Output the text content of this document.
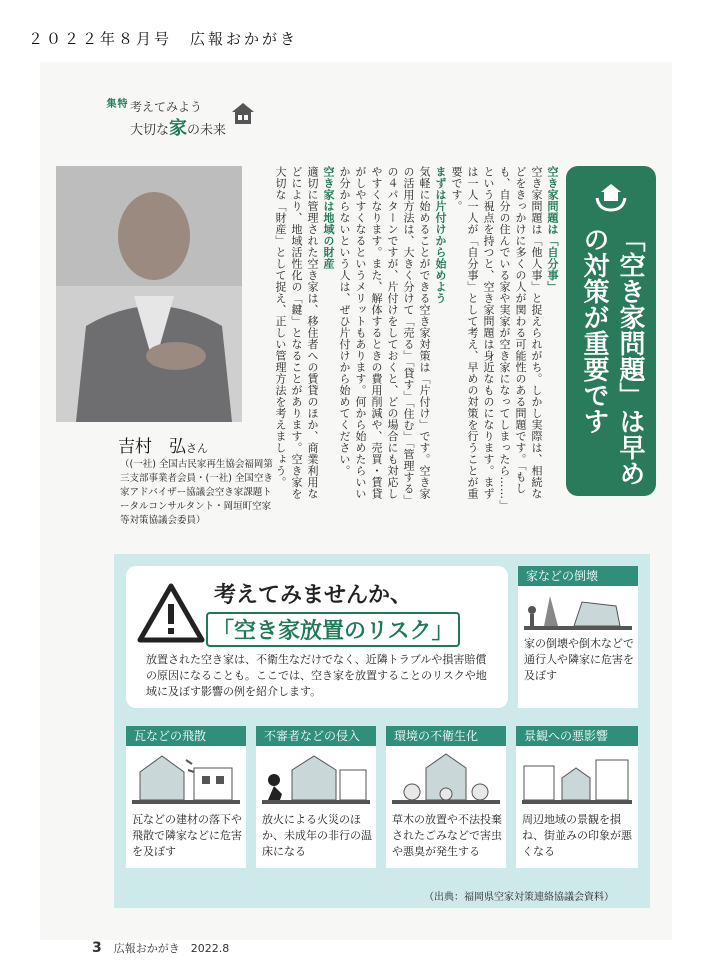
２０２２年８月号　広報おかがき
特集	考えてみよう
大切な家の未来
吉村　弘さん
（(一社) 全国古民家再生協会福岡第三支部事業者会員・(一社) 全国空き家アドバイザー協議会空き家課題トータルコンサルタント・岡垣町空家等対策協議会委員）
空き家問題は「自分事」
空き家問題は「他人事」と捉えられがち。しかし実際は、相続などをきっかけに多くの人が関わる可能性のある問題です。「もしも、自分の住んでいる家や実家が空き家になってしまったら……」という視点を持つと、空き家問題は身近なものになります。まずは一人一人が「自分事」として考え、早めの対策を行うことが重要です。
まずは片付けから始めよう
気軽に始めることができる空き家対策は「片付け」です。空き家の活用方法は、大きく分けて「売る」「貸す」「住む」「管理する」の４パターンですが、片付けをしておくと、どの場合にも対応しやすくなります。また、解体するときの費用削減や、売買・賃貸がしやすくなるというメリットもあります。何から始めたらいいか分からないという人は、ぜひ片付けから始めてください。
空き家は地域の財産
適切に管理された空き家は、移住者への賃貸のほか、商業利用などにより、地域活性化の「鍵」となることがあります。空き家を大切な「財産」として捉え、正しい管理方法を考えましょう。	「空き家問題」は早めの対策が重要です
考えてみませんか、
「空き家放置のリスク」
放置された空き家は、不衛生なだけでなく、近隣トラブルや損害賠償の原因になることも。ここでは、空き家を放置することのリスクや地域に及ぼす影響の例を紹介します。
家などの倒壊
家の倒壊や倒木などで通行人や隣家に危害を及ぼす
瓦などの飛散
瓦などの建材の落下や飛散で隣家などに危害を及ぼす
不審者などの侵入
放火による火災のほか、未成年の非行の温床になる
環境の不衛生化
草木の放置や不法投棄されたごみなどで害虫や悪臭が発生する
景観への悪影響
周辺地域の景観を損ね、街並みの印象が悪くなる
（出典：福岡県空家対策連絡協議会資料）
3 広報おかがき　2022.8
